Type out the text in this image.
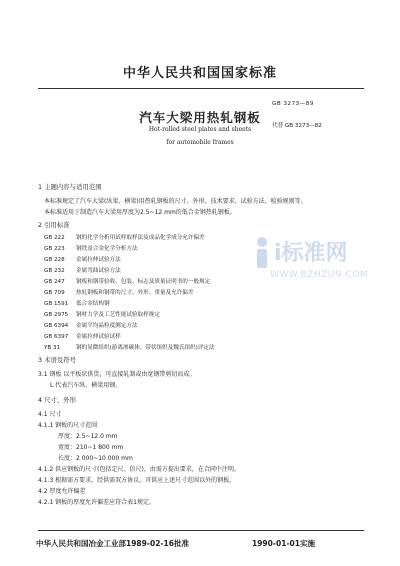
中华人民共和国国家标准
汽车大梁用热轧钢板
GB 3273—89
Hot-rolled steel plates and sheets	代替 GB 3273—82
for automobile frames
1 主题内容与适用范围
本标准规定了汽车大梁(纵梁、横梁)用热轧钢板的尺寸、外形、技术要求、试验方法、检验规则等。
本标准适用于制造汽车大梁用厚度为2.5~12 mm的低合金钢热轧钢板。
2 引用标准
GB 222 钢的化学分析用试样取样法及成品化学成分允许偏差
GB 223 钢铁及合金化学分析方法
GB 228 金属拉伸试验方法
GB 232 金属弯曲试验方法
GB 247 钢板和钢带验收、包装、标志及质量证明书的一般规定
GB 709 热轧钢板和钢带的尺寸、外形、重量及允许偏差
GB 1591 低合金结构钢
GB 2975 钢材力学及工艺性能试验取样规定
GB 6394 金属平均晶粒度测定方法
GB 6397 金属拉伸试验试样
YB 31	钢的显微组织(游离渗碳体、带状组织及魏氏组织)评定法
i标准网
WWW.BZHZUN.COM
3 术语及符号
3.1 钢板 以平板状供货，可直接轧制或由宽钢带剪切而成。
L 代表汽车纵、横梁用钢。
4 尺寸、外形
4.1 尺寸
4.1.1 钢板的尺寸范围
厚度：2.5~12.0 mm
宽度：210~1 800 mm
长度：2 000~10 000 mm
4.1.2 供应钢板的尺寸(包括定尺、倍尺)，由需方提出要求，在合同中注明。
4.1.3 根据需方要求，经供需双方协议，可供应上述尺寸范围以外的钢板。
4.2 厚度允许偏差
4.2.1 钢板的厚度允许偏差应符合表1规定。
中华人民共和国冶金工业部1989-02-16批准	1990-01-01实施
